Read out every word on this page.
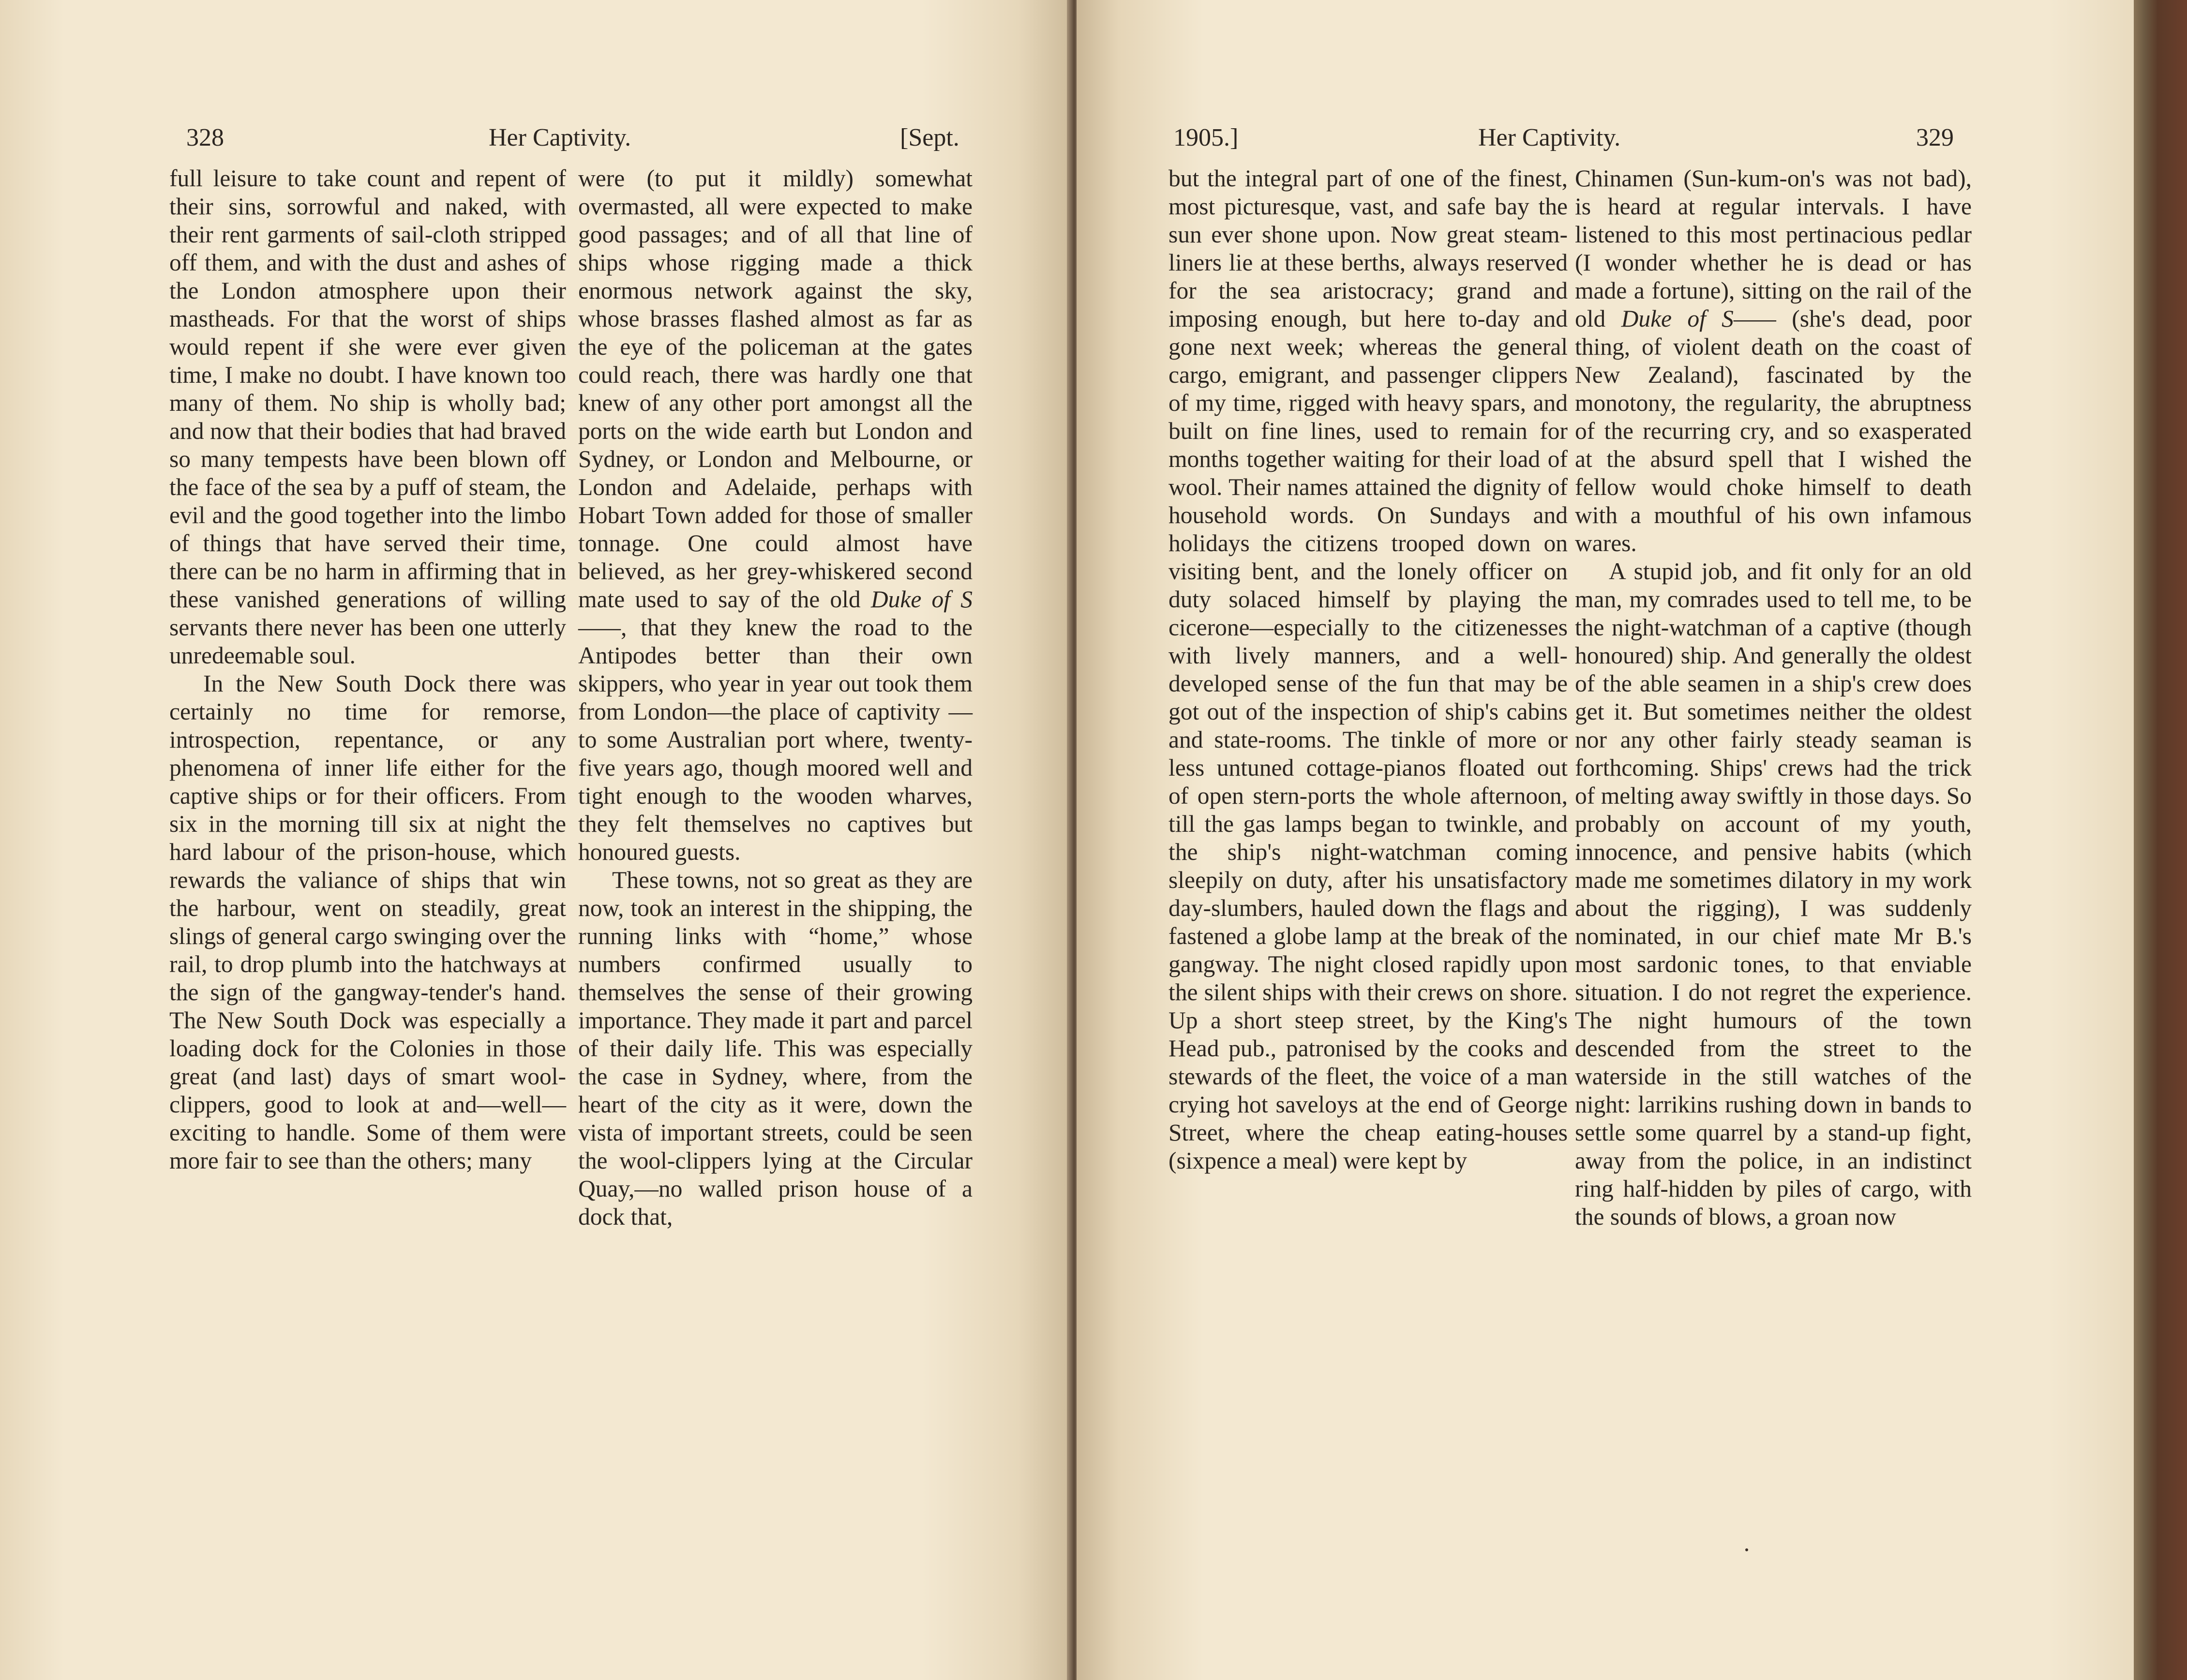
328	Her Captivity.	[Sept.

full leisure to take count and repent of their sins, sorrowful and naked, with their rent garments of sail-cloth stripped off them, and with the dust and ashes of the London atmosphere upon their mastheads. For that the worst of ships would repent if she were ever given time, I make no doubt. I have known too many of them. No ship is wholly bad; and now that their bodies that had braved so many tempests have been blown off the face of the sea by a puff of steam, the evil and the good together into the limbo of things that have served their time, there can be no harm in affirming that in these vanished generations of willing servants there never has been one utterly unredeemable soul.

In the New South Dock there was certainly no time for remorse, introspection, repentance, or any phenomena of inner life either for the captive ships or for their officers. From six in the morning till six at night the hard labour of the prison-house, which rewards the valiance of ships that win the harbour, went on steadily, great slings of general cargo swinging over the rail, to drop plumb into the hatchways at the sign of the gangway-tender's hand. The New South Dock was especially a loading dock for the Colonies in those great (and last) days of smart wool-clippers, good to look at and—well—exciting to handle. Some of them were more fair to see than the others; many

were (to put it mildly) somewhat overmasted, all were expected to make good passages; and of all that line of ships whose rigging made a thick enormous network against the sky, whose brasses flashed almost as far as the eye of the policeman at the gates could reach, there was hardly one that knew of any other port amongst all the ports on the wide earth but London and Sydney, or London and Melbourne, or London and Adelaide, perhaps with Hobart Town added for those of smaller tonnage. One could almost have believed, as her grey-whiskered second mate used to say of the old Duke of S——, that they knew the road to the Antipodes better than their own skippers, who year in year out took them from London—the place of captivity — to some Australian port where, twenty-five years ago, though moored well and tight enough to the wooden wharves, they felt themselves no captives but honoured guests.

These towns, not so great as they are now, took an interest in the shipping, the running links with “home,” whose numbers confirmed usually to themselves the sense of their growing importance. They made it part and parcel of their daily life. This was especially the case in Sydney, where, from the heart of the city as it were, down the vista of important streets, could be seen the wool-clippers lying at the Circular Quay,—no walled prison house of a dock that,

1905.]	Her Captivity.	329

but the integral part of one of the finest, most picturesque, vast, and safe bay the sun ever shone upon. Now great steam-liners lie at these berths, always reserved for the sea aristocracy; grand and imposing enough, but here to-day and gone next week; whereas the general cargo, emigrant, and passenger clippers of my time, rigged with heavy spars, and built on fine lines, used to remain for months together waiting for their load of wool. Their names attained the dignity of household words. On Sundays and holidays the citizens trooped down on visiting bent, and the lonely officer on duty solaced himself by playing the cicerone—especially to the citizenesses with lively manners, and a well-developed sense of the fun that may be got out of the inspection of ship's cabins and state-rooms. The tinkle of more or less untuned cottage-pianos floated out of open stern-ports the whole afternoon, till the gas lamps began to twinkle, and the ship's night-watchman coming sleepily on duty, after his unsatisfactory day-slumbers, hauled down the flags and fastened a globe lamp at the break of the gangway. The night closed rapidly upon the silent ships with their crews on shore. Up a short steep street, by the King's Head pub., patronised by the cooks and stewards of the fleet, the voice of a man crying hot saveloys at the end of George Street, where the cheap eating-houses (sixpence a meal) were kept by

Chinamen (Sun-kum-on's was not bad), is heard at regular intervals. I have listened to this most pertinacious pedlar (I wonder whether he is dead or has made a fortune), sitting on the rail of the old Duke of S—— (she's dead, poor thing, of violent death on the coast of New Zealand), fascinated by the monotony, the regularity, the abruptness of the recurring cry, and so exasperated at the absurd spell that I wished the fellow would choke himself to death with a mouthful of his own infamous wares.

A stupid job, and fit only for an old man, my comrades used to tell me, to be the night-watchman of a captive (though honoured) ship. And generally the oldest of the able seamen in a ship's crew does get it. But sometimes neither the oldest nor any other fairly steady seaman is forthcoming. Ships' crews had the trick of melting away swiftly in those days. So probably on account of my youth, innocence, and pensive habits (which made me sometimes dilatory in my work about the rigging), I was suddenly nominated, in our chief mate Mr B.'s most sardonic tones, to that enviable situation. I do not regret the experience. The night humours of the town descended from the street to the waterside in the still watches of the night: larrikins rushing down in bands to settle some quarrel by a stand-up fight, away from the police, in an indistinct ring half-hidden by piles of cargo, with the sounds of blows, a groan now
